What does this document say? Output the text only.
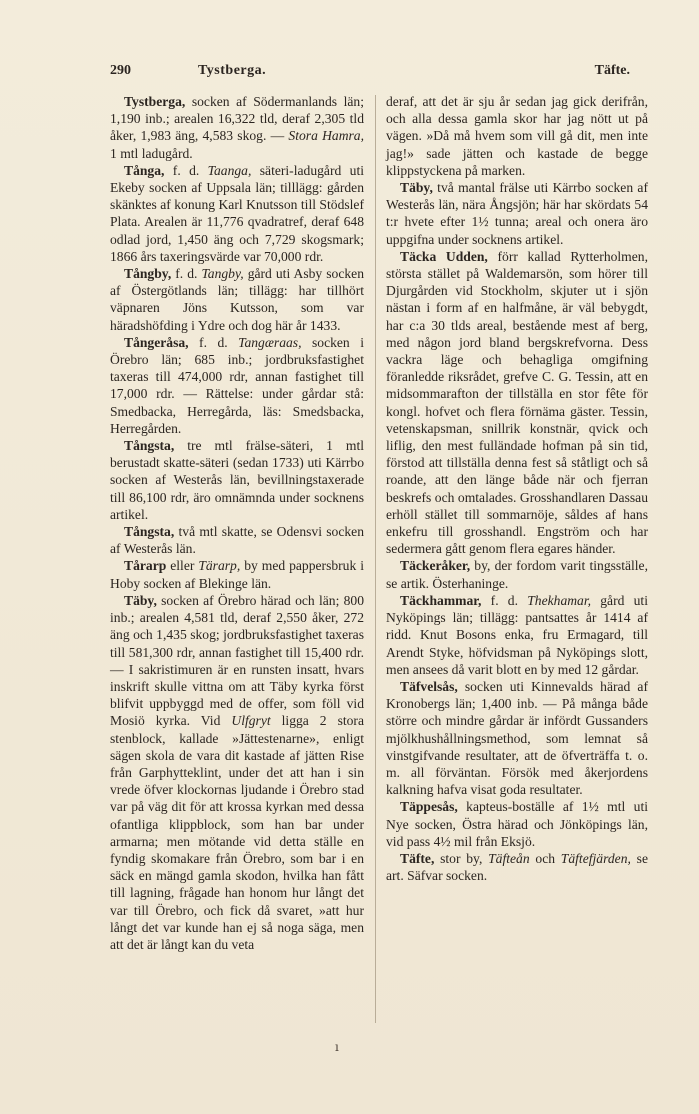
290	Tystberga.	Täfte.

Tystberga, socken af Södermanlands län; 1,190 inb.; arealen 16,322 tld, deraf 2,305 tld åker, 1,983 äng, 4,583 skog. — Stora Hamra, 1 mtl ladugård.

Tånga, f. d. Taanga, säteri-ladugård uti Ekeby socken af Uppsala län; tilllägg: gården skänktes af konung Karl Knutsson till Stödslef Plata. Arealen är 11,776 qvadratref, deraf 648 odlad jord, 1,450 äng och 7,729 skogsmark; 1866 års taxeringsvärde var 70,000 rdr.

Tångby, f. d. Tangby, gård uti Asby socken af Östergötlands län; tillägg: har tillhört väpnaren Jöns Kutsson, som var häradshöfding i Ydre och dog här år 1433.

Tångeråsa, f. d. Tangæraas, socken i Örebro län; 685 inb.; jordbruksfastighet taxeras till 474,000 rdr, annan fastighet till 17,000 rdr. — Rättelse: under gårdar stå: Smedbacka, Herregårda, läs: Smedsbacka, Herregården.

Tångsta, tre mtl frälse-säteri, 1 mtl berustadt skatte-säteri (sedan 1733) uti Kärrbo socken af Westerås län, bevillningstaxerade till 86,100 rdr, äro omnämnda under socknens artikel.

Tångsta, två mtl skatte, se Odensvi socken af Westerås län.

Tårarp eller Tärarp, by med pappersbruk i Hoby socken af Blekinge län.

Täby, socken af Örebro härad och län; 800 inb.; arealen 4,581 tld, deraf 2,550 åker, 272 äng och 1,435 skog; jordbruksfastighet taxeras till 581,300 rdr, annan fastighet till 15,400 rdr. — I sakristimuren är en runsten insatt, hvars inskrift skulle vittna om att Täby kyrka först blifvit uppbyggd med de offer, som föll vid Mosiö kyrka. Vid Ulfgryt ligga 2 stora stenblock, kallade »Jättestenarne», enligt sägen skola de vara dit kastade af jätten Rise från Garphytteklint, under det att han i sin vrede öfver klockornas ljudande i Örebro stad var på väg dit för att krossa kyrkan med dessa ofantliga klippblock, som han bar under armarna; men mötande vid detta ställe en fyndig skomakare från Örebro, som bar i en säck en mängd gamla skodon, hvilka han fått till lagning, frågade han honom hur långt det var till Örebro, och fick då svaret, »att hur långt det var kunde han ej så noga säga, men att det är långt kan du veta

deraf, att det är sju år sedan jag gick derifrån, och alla dessa gamla skor har jag nött ut på vägen. »Då må hvem som vill gå dit, men inte jag!» sade jätten och kastade de begge klippstyckena på marken.

Täby, två mantal frälse uti Kärrbo socken af Westerås län, nära Ångsjön; här har skördats 54 t:r hvete efter 1½ tunna; areal och onera äro uppgifna under socknens artikel.

Täcka Udden, förr kallad Rytterholmen, största stället på Waldemarsön, som hörer till Djurgården vid Stockholm, skjuter ut i sjön nästan i form af en halfmåne, är väl bebygdt, har c:a 30 tlds areal, bestående mest af berg, med någon jord bland bergskrefvorna. Dess vackra läge och behagliga omgifning föranledde riksrådet, grefve C. G. Tessin, att en midsommarafton der tillställa en stor fête för kongl. hofvet och flera förnäma gäster. Tessin, vetenskapsman, snillrik konstnär, qvick och liflig, den mest fulländade hofman på sin tid, förstod att tillställa denna fest så ståtligt och så roande, att den länge både när och fjerran beskrefs och omtalades. Grosshandlaren Dassau erhöll stället till sommarnöje, såldes af hans enkefru till grosshandl. Engström och har sedermera gått genom flera egares händer.

Täckeråker, by, der fordom varit tingsställe, se artik. Österhaninge.

Täckhammar, f. d. Thekhamar, gård uti Nyköpings län; tillägg: pantsattes år 1414 af ridd. Knut Bosons enka, fru Ermagard, till Arendt Styke, höfvidsman på Nyköpings slott, men ansees då varit blott en by med 12 gårdar.

Täfvelsås, socken uti Kinnevalds härad af Kronobergs län; 1,400 inb. — På många både större och mindre gårdar är infördt Gussanders mjölkhushållningsmethod, som lemnat så vinstgifvande resultater, att de öfverträffa t. o. m. all förväntan. Försök med åkerjordens kalkning hafva visat goda resultater.

Täppesås, kapteus-boställe af 1½ mtl uti Nye socken, Östra härad och Jönköpings län, vid pass 4½ mil från Eksjö.

Täfte, stor by, Täfteån och Täftefjärden, se art. Säfvar socken.

ı
